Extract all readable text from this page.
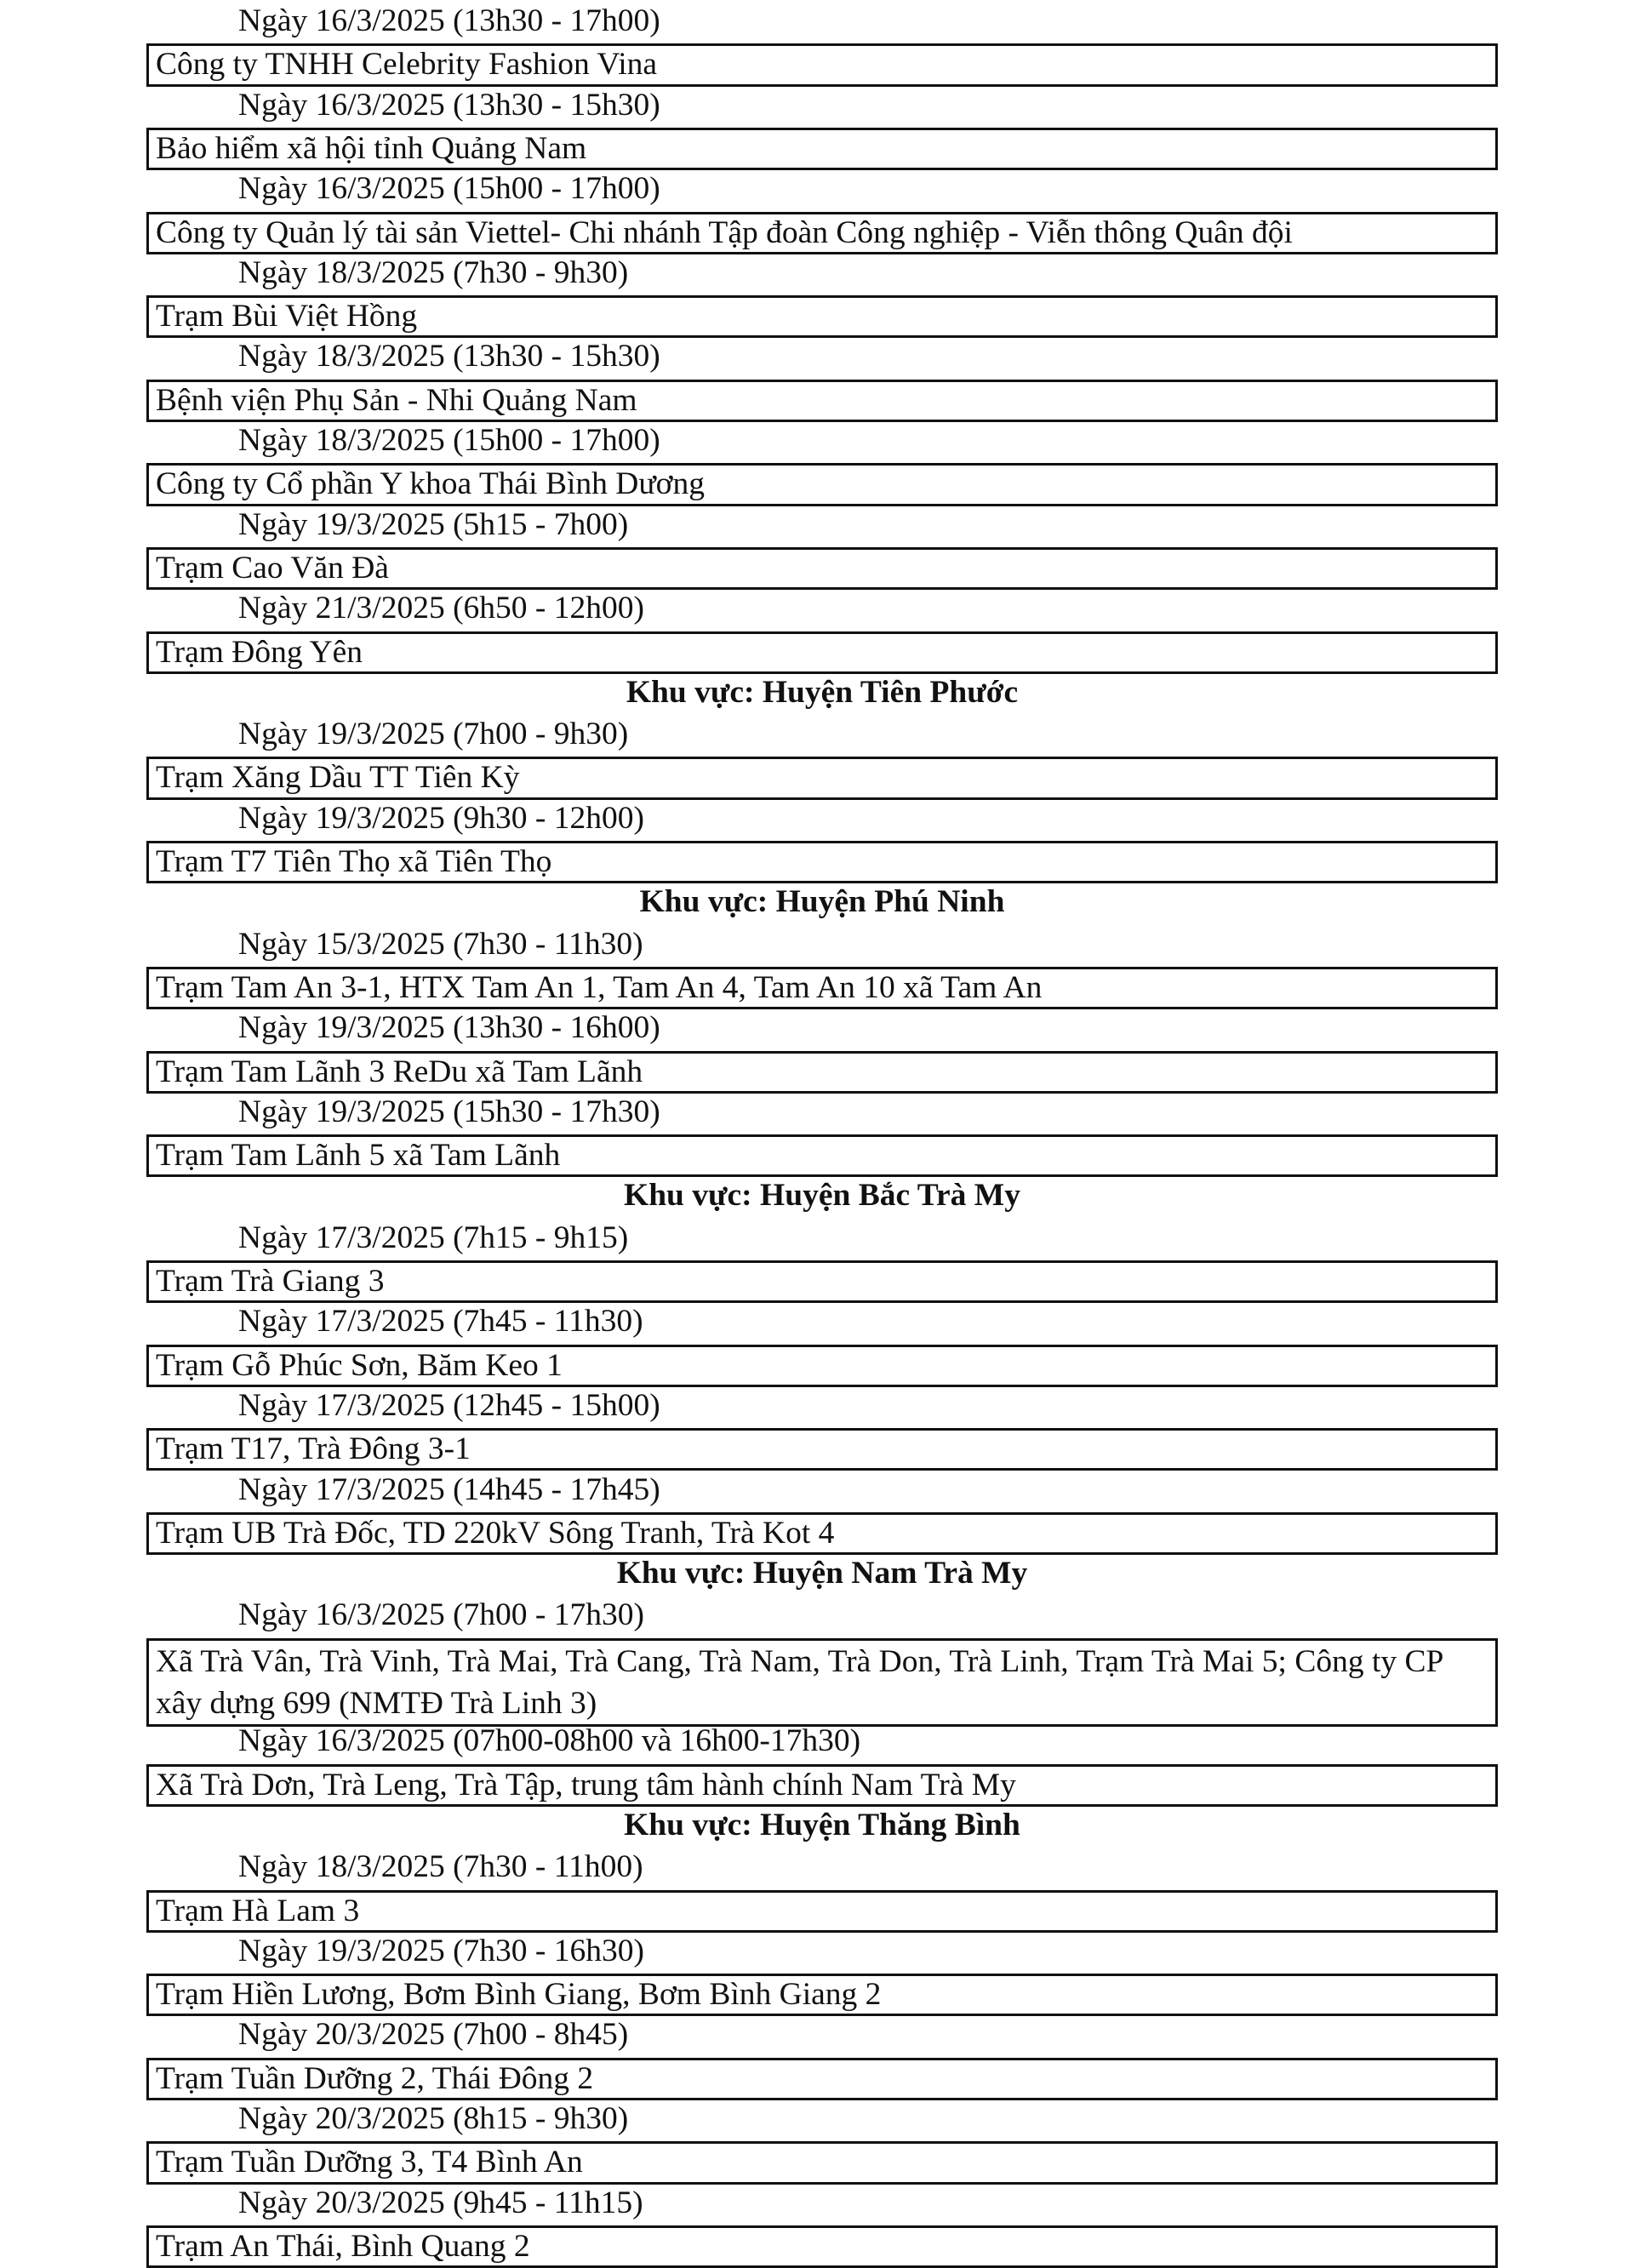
Ngày 16/3/2025 (13h30 - 17h00)
Công ty TNHH Celebrity Fashion Vina
Ngày 16/3/2025 (13h30 - 15h30)
Bảo hiểm xã hội tỉnh Quảng Nam
Ngày 16/3/2025 (15h00 - 17h00)
Công ty Quản lý tài sản Viettel- Chi nhánh Tập đoàn Công nghiệp - Viễn thông Quân đội
Ngày 18/3/2025 (7h30 - 9h30)
Trạm Bùi Việt Hồng
Ngày 18/3/2025 (13h30 - 15h30)
Bệnh viện Phụ Sản - Nhi Quảng Nam
Ngày 18/3/2025 (15h00 - 17h00)
Công ty Cổ phần Y khoa Thái Bình Dương
Ngày 19/3/2025 (5h15 - 7h00)
Trạm Cao Văn Đà
Ngày 21/3/2025 (6h50 - 12h00)
Trạm Đông Yên
Khu vực: Huyện Tiên Phước
Ngày 19/3/2025 (7h00 - 9h30)
Trạm Xăng Dầu TT Tiên Kỳ
Ngày 19/3/2025 (9h30 - 12h00)
Trạm T7 Tiên Thọ xã Tiên Thọ
Khu vực: Huyện Phú Ninh
Ngày 15/3/2025 (7h30 - 11h30)
Trạm Tam An 3-1, HTX Tam An 1, Tam An 4, Tam An 10 xã Tam An
Ngày 19/3/2025 (13h30 - 16h00)
Trạm Tam Lãnh 3 ReDu xã Tam Lãnh
Ngày 19/3/2025 (15h30 - 17h30)
Trạm Tam Lãnh 5 xã Tam Lãnh
Khu vực: Huyện Bắc Trà My
Ngày 17/3/2025 (7h15 - 9h15)
Trạm Trà Giang 3
Ngày 17/3/2025 (7h45 - 11h30)
Trạm Gỗ Phúc Sơn, Băm Keo 1
Ngày 17/3/2025 (12h45 - 15h00)
Trạm T17, Trà Đông 3-1
Ngày 17/3/2025 (14h45 - 17h45)
Trạm UB Trà Đốc, TD 220kV Sông Tranh, Trà Kot 4
Khu vực: Huyện Nam Trà My
Ngày 16/3/2025 (7h00 - 17h30)
Xã Trà Vân, Trà Vinh, Trà Mai, Trà Cang, Trà Nam, Trà Don, Trà Linh, Trạm Trà Mai 5; Công ty CP xây dựng 699 (NMTĐ Trà Linh 3)
Ngày 16/3/2025 (07h00-08h00 và 16h00-17h30)
Xã Trà Dơn, Trà Leng, Trà Tập, trung tâm hành chính Nam Trà My
Khu vực: Huyện Thăng Bình
Ngày 18/3/2025 (7h30 - 11h00)
Trạm Hà Lam 3
Ngày 19/3/2025 (7h30 - 16h30)
Trạm Hiền Lương, Bơm Bình Giang, Bơm Bình Giang 2
Ngày 20/3/2025 (7h00 - 8h45)
Trạm Tuần Dưỡng 2, Thái Đông 2
Ngày 20/3/2025 (8h15 - 9h30)
Trạm Tuần Dưỡng 3, T4 Bình An
Ngày 20/3/2025 (9h45 - 11h15)
Trạm An Thái, Bình Quang 2
